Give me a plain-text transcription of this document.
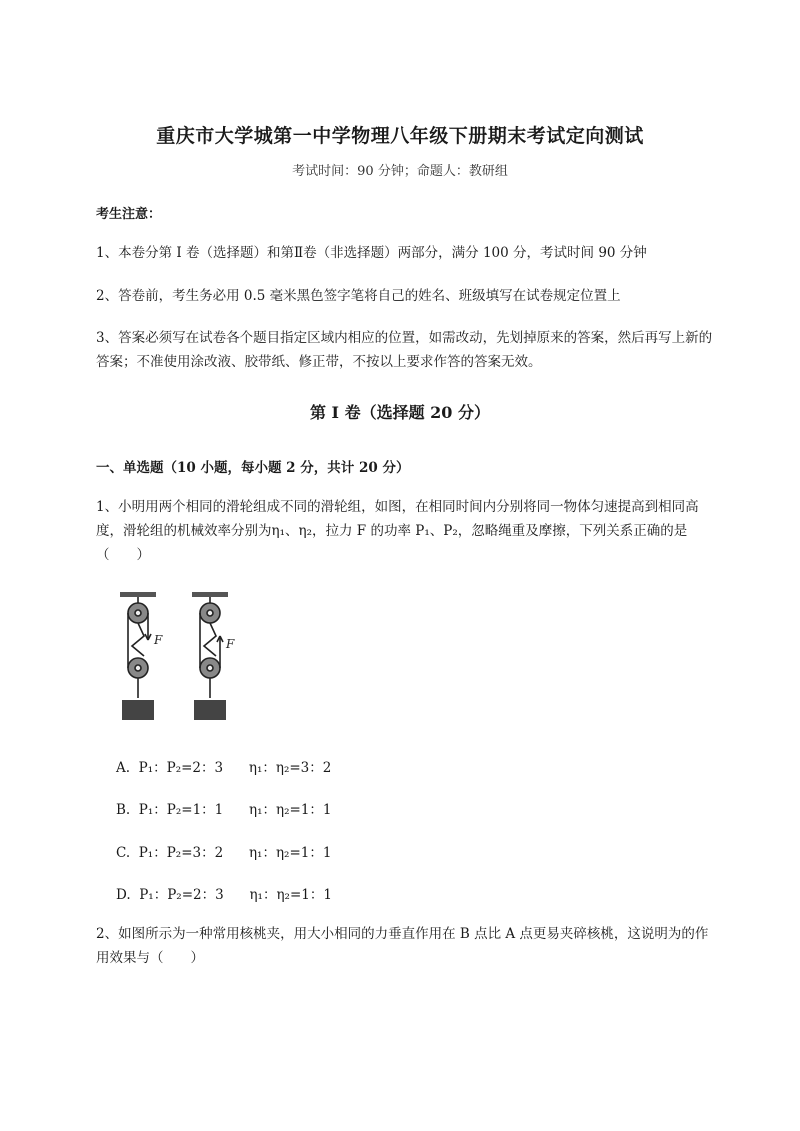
重庆市大学城第一中学物理八年级下册期末考试定向测试
考试时间：90 分钟；命题人：教研组
考生注意：
1、本卷分第 I 卷（选择题）和第Ⅱ卷（非选择题）两部分，满分 100 分，考试时间 90 分钟
2、答卷前，考生务必用 0.5 毫米黑色签字笔将自己的姓名、班级填写在试卷规定位置上
3、答案必须写在试卷各个题目指定区域内相应的位置，如需改动，先划掉原来的答案，然后再写上新的答案；不准使用涂改液、胶带纸、修正带，不按以上要求作答的答案无效。
第 I 卷（选择题 20 分）
一、单选题（10 小题，每小题 2 分，共计 20 分）
1、小明用两个相同的滑轮组成不同的滑轮组，如图，在相同时间内分别将同一物体匀速提高到相同高度，滑轮组的机械效率分别为η₁、η₂，拉力 F 的功率 P₁、P₂，忽略绳重及摩擦，下列关系正确的是（　　）
F	F
A.  P₁：P₂=2：3      η₁：η₂=3：2
B.  P₁：P₂=1：1      η₁：η₂=1：1
C.  P₁：P₂=3：2      η₁：η₂=1：1
D.  P₁：P₂=2：3      η₁：η₂=1：1
2、如图所示为一种常用核桃夹，用大小相同的力垂直作用在 B 点比 A 点更易夹碎核桃，这说明为的作用效果与（　　）
